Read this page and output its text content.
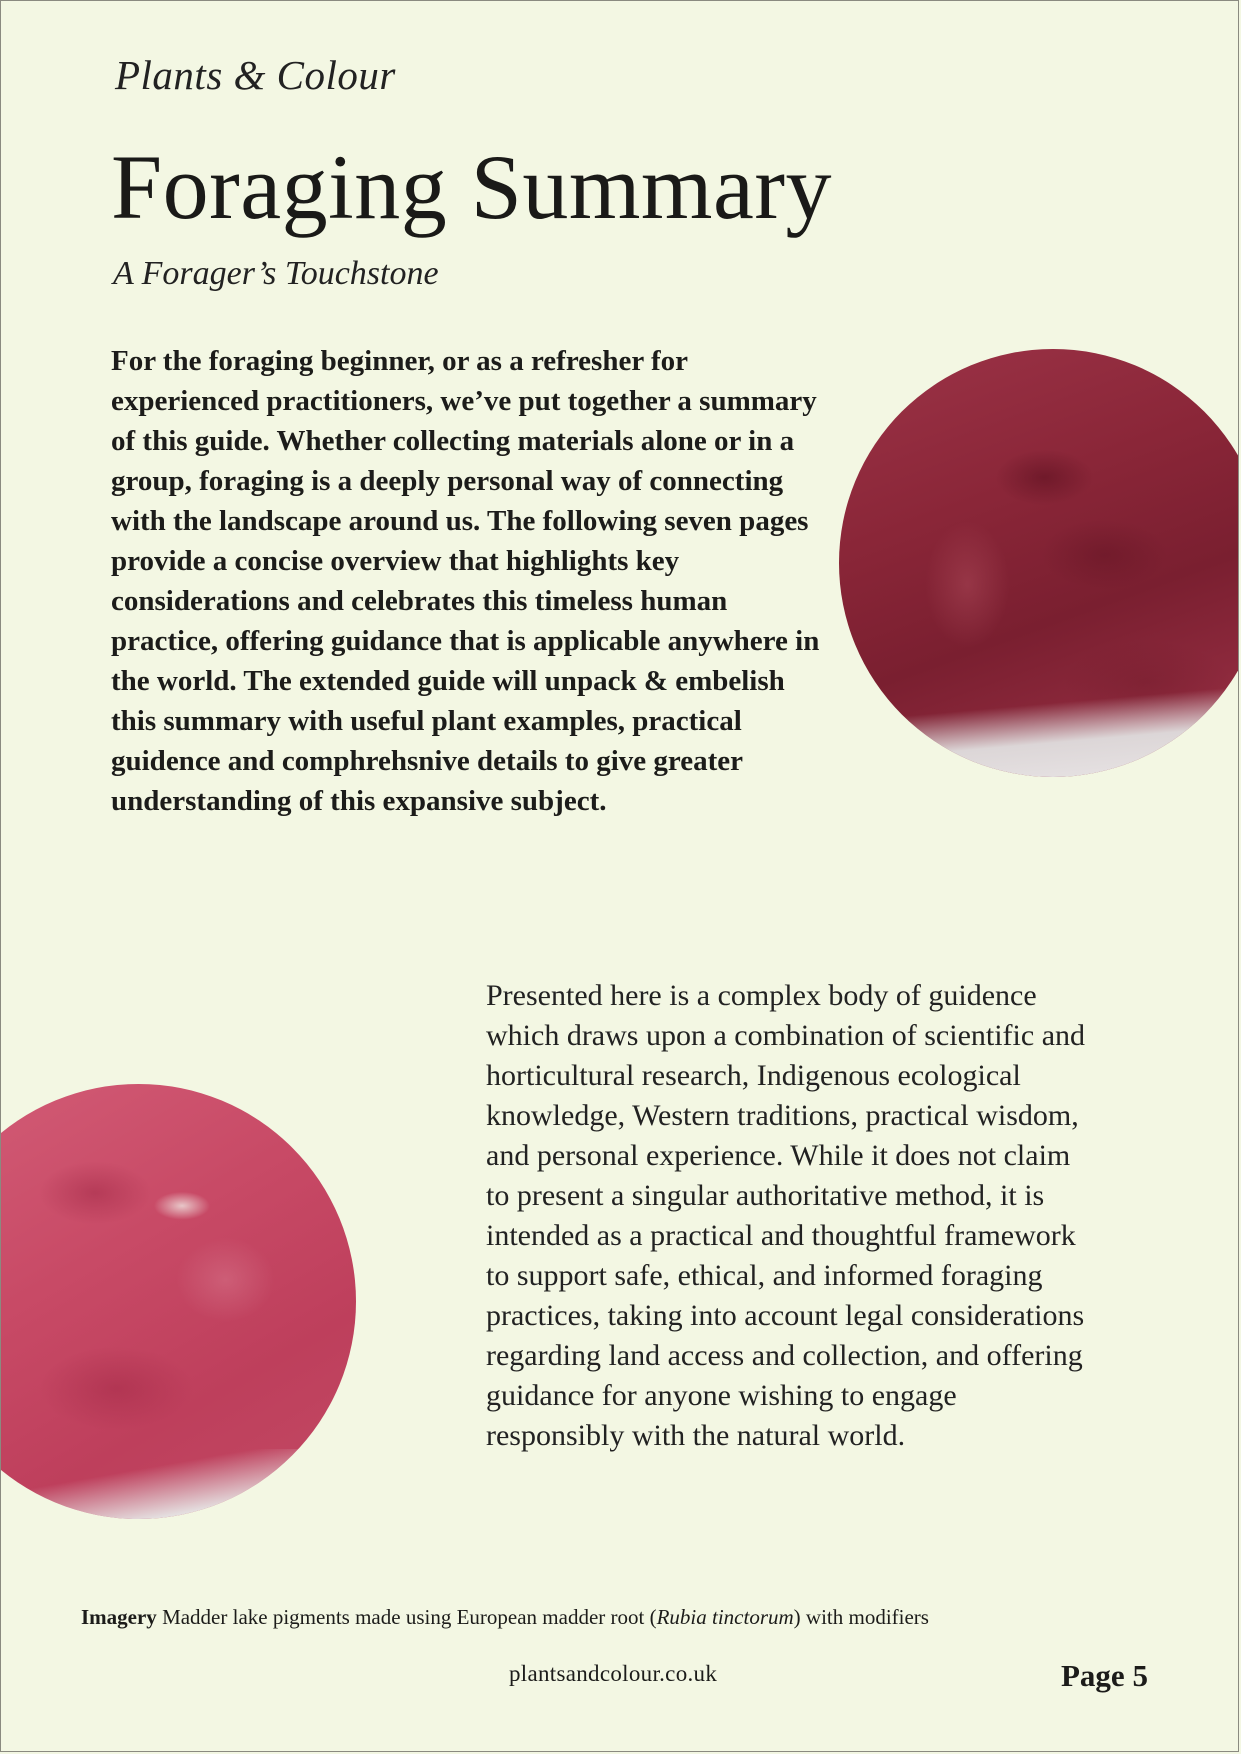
Plants & Colour
Foraging Summary
A Forager’s Touchstone

For the foraging beginner, or as a refresher for experienced practitioners, we’ve put together a summary of this guide. Whether collecting materials alone or in a group, foraging is a deeply personal way of connecting with the landscape around us. The following seven pages provide a concise overview that highlights key considerations and celebrates this timeless human practice, offering guidance that is applicable anywhere in the world. The extended guide will unpack & embelish this summary with useful plant examples, practical guidence and comphrehsnive details to give greater understanding of this expansive subject.

Presented here is a complex body of guidence which draws upon a combination of scientific and horticultural research, Indigenous ecological knowledge, Western traditions, practical wisdom, and personal experience. While it does not claim to present a singular authoritative method, it is intended as a practical and thoughtful framework to support safe, ethical, and informed foraging practices, taking into account legal considerations regarding land access and collection, and offering guidance for anyone wishing to engage responsibly with the natural world.

Imagery Madder lake pigments made using European madder root (Rubia tinctorum) with modifiers
plantsandcolour.co.uk	Page 5
